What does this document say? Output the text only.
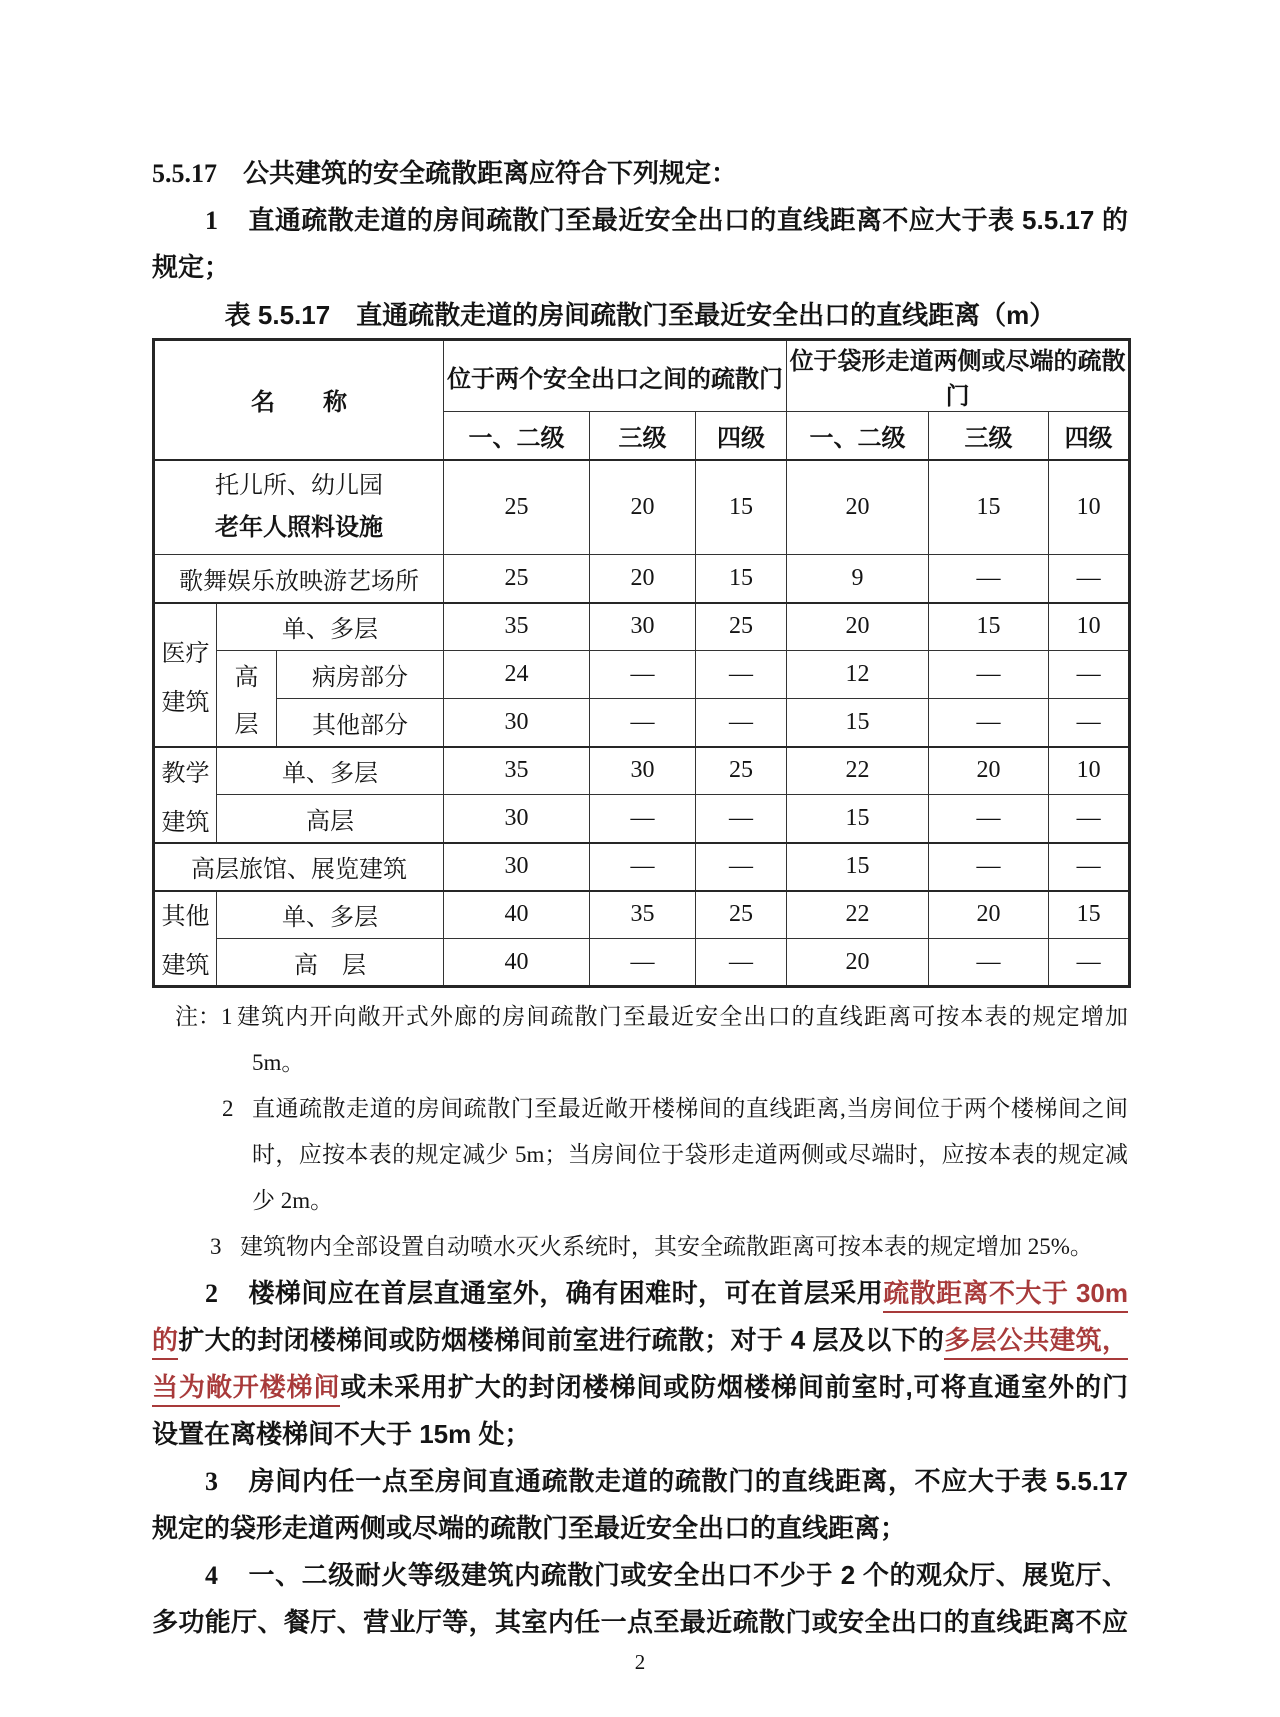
5.5.17 公共建筑的安全疏散距离应符合下列规定：
1 直通疏散走道的房间疏散门至最近安全出口的直线距离不应大于表 5.5.17 的
规定；
表 5.5.17　直通疏散走道的房间疏散门至最近安全出口的直线距离（m）
名　　称			位于两个安全出口之间的疏散门			位于袋形走道两侧或尽端的疏散门		
			一、二级	三级	四级	一、二级	三级	四级

托儿所、幼儿园
老年人照料设施			25	20	15	20	15	10
歌舞娱乐放映游艺场所			25	20	15	9	—	—

医疗
建筑	单、多层		35	30	25	20	15	10

	高
层	病房部分	24	—	—	12	—	—
		其他部分	30	—	—	15	—	—

教学
建筑	单、多层		35	30	25	22	20	10
	高层		30	—	—	15	—	—
高层旅馆、展览建筑			30	—	—	15	—	—

其他
建筑	单、多层		40	35	25	22	20	15
	高　层		40	—	—	20	—	—
注：1 建筑内开向敞开式外廊的房间疏散门至最近安全出口的直线距离可按本表的规定增加
5m。
2 直通疏散走道的房间疏散门至最近敞开楼梯间的直线距离,当房间位于两个楼梯间之间
时，应按本表的规定减少 5m；当房间位于袋形走道两侧或尽端时，应按本表的规定减
少 2m。
3 建筑物内全部设置自动喷水灭火系统时，其安全疏散距离可按本表的规定增加 25%。
2 楼梯间应在首层直通室外，确有困难时，可在首层采用疏散距离不大于 30m
的扩大的封闭楼梯间或防烟楼梯间前室进行疏散；对于 4 层及以下的多层公共建筑，
当为敞开楼梯间或未采用扩大的封闭楼梯间或防烟楼梯间前室时,可将直通室外的门
设置在离楼梯间不大于 15m 处；
3 房间内任一点至房间直通疏散走道的疏散门的直线距离，不应大于表 5.5.17
规定的袋形走道两侧或尽端的疏散门至最近安全出口的直线距离；
4 一、二级耐火等级建筑内疏散门或安全出口不少于 2 个的观众厅、展览厅、
多功能厅、餐厅、营业厅等，其室内任一点至最近疏散门或安全出口的直线距离不应
2
